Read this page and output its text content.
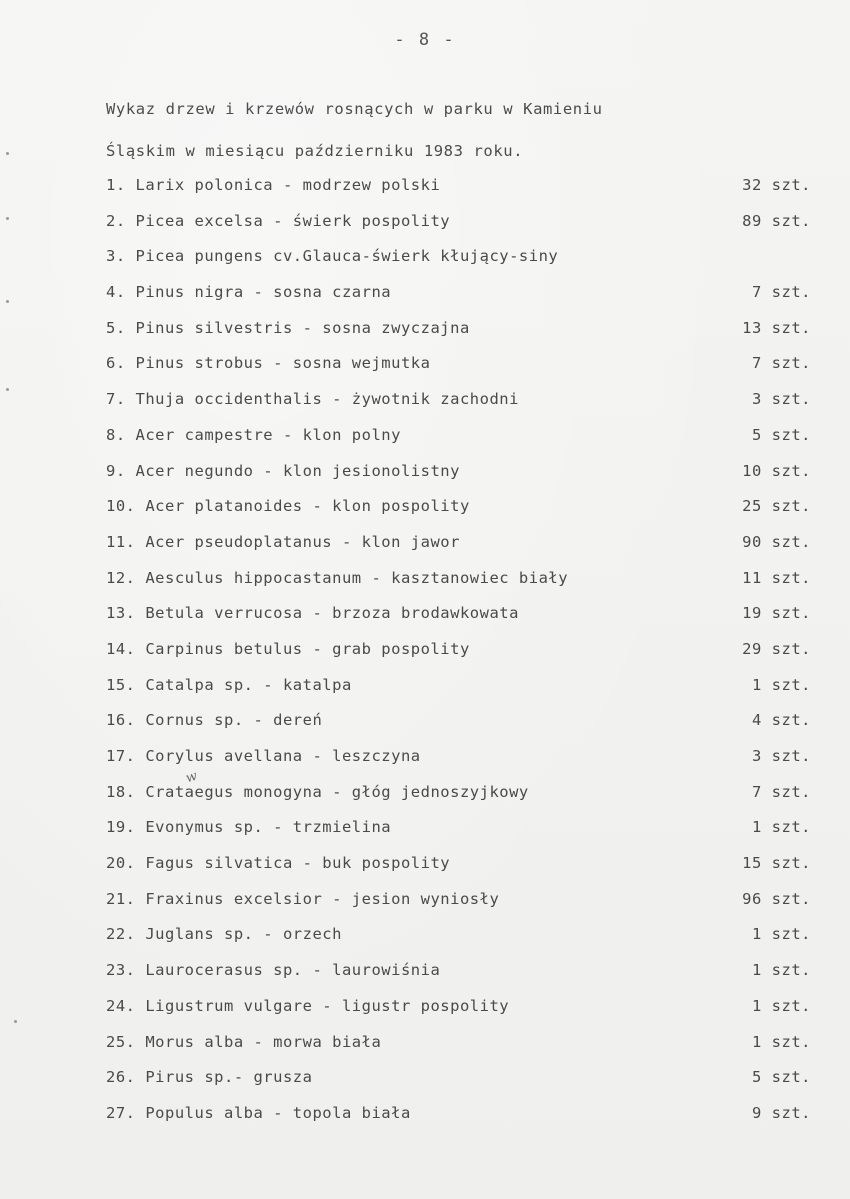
- 8 -
Wykaz drzew i krzewów rosnących w parku w Kamieniu
Śląskim w miesiącu październiku 1983 roku.
1. Larix polonica - modrzew polski	32 szt.
2. Picea excelsa - świerk pospolity	89 szt.
3. Picea pungens cv.Glauca-świerk kłujący-siny
4. Pinus nigra - sosna czarna	7 szt.
5. Pinus silvestris - sosna zwyczajna	13 szt.
6. Pinus strobus - sosna wejmutka	7 szt.
7. Thuja occidenthalis - żywotnik zachodni	3 szt.
8. Acer campestre - klon polny	5 szt.
9. Acer negundo - klon jesionolistny	10 szt.
10. Acer platanoides - klon pospolity	25 szt.
11. Acer pseudoplatanus - klon jawor	90 szt.
12. Aesculus hippocastanum - kasztanowiec biały	11 szt.
13. Betula verrucosa - brzoza brodawkowata	19 szt.
14. Carpinus betulus - grab pospolity	29 szt.
15. Catalpa sp. - katalpa	1 szt.
16. Cornus sp. - dereń	4 szt.
17. Corylus avellana - leszczyna	3 szt.
18. Crataegus monogyna - głóg jednoszyjkowy	7 szt.
19. Evonymus sp. - trzmielina	1 szt.
20. Fagus silvatica - buk pospolity	15 szt.
21. Fraxinus excelsior - jesion wyniosły	96 szt.
22. Juglans sp. - orzech	1 szt.
23. Laurocerasus sp. - laurowiśnia	1 szt.
24. Ligustrum vulgare - ligustr pospolity	1 szt.
25. Morus alba - morwa biała	1 szt.
26. Pirus sp.- grusza	5 szt.
27. Populus alba - topola biała	9 szt.
w
